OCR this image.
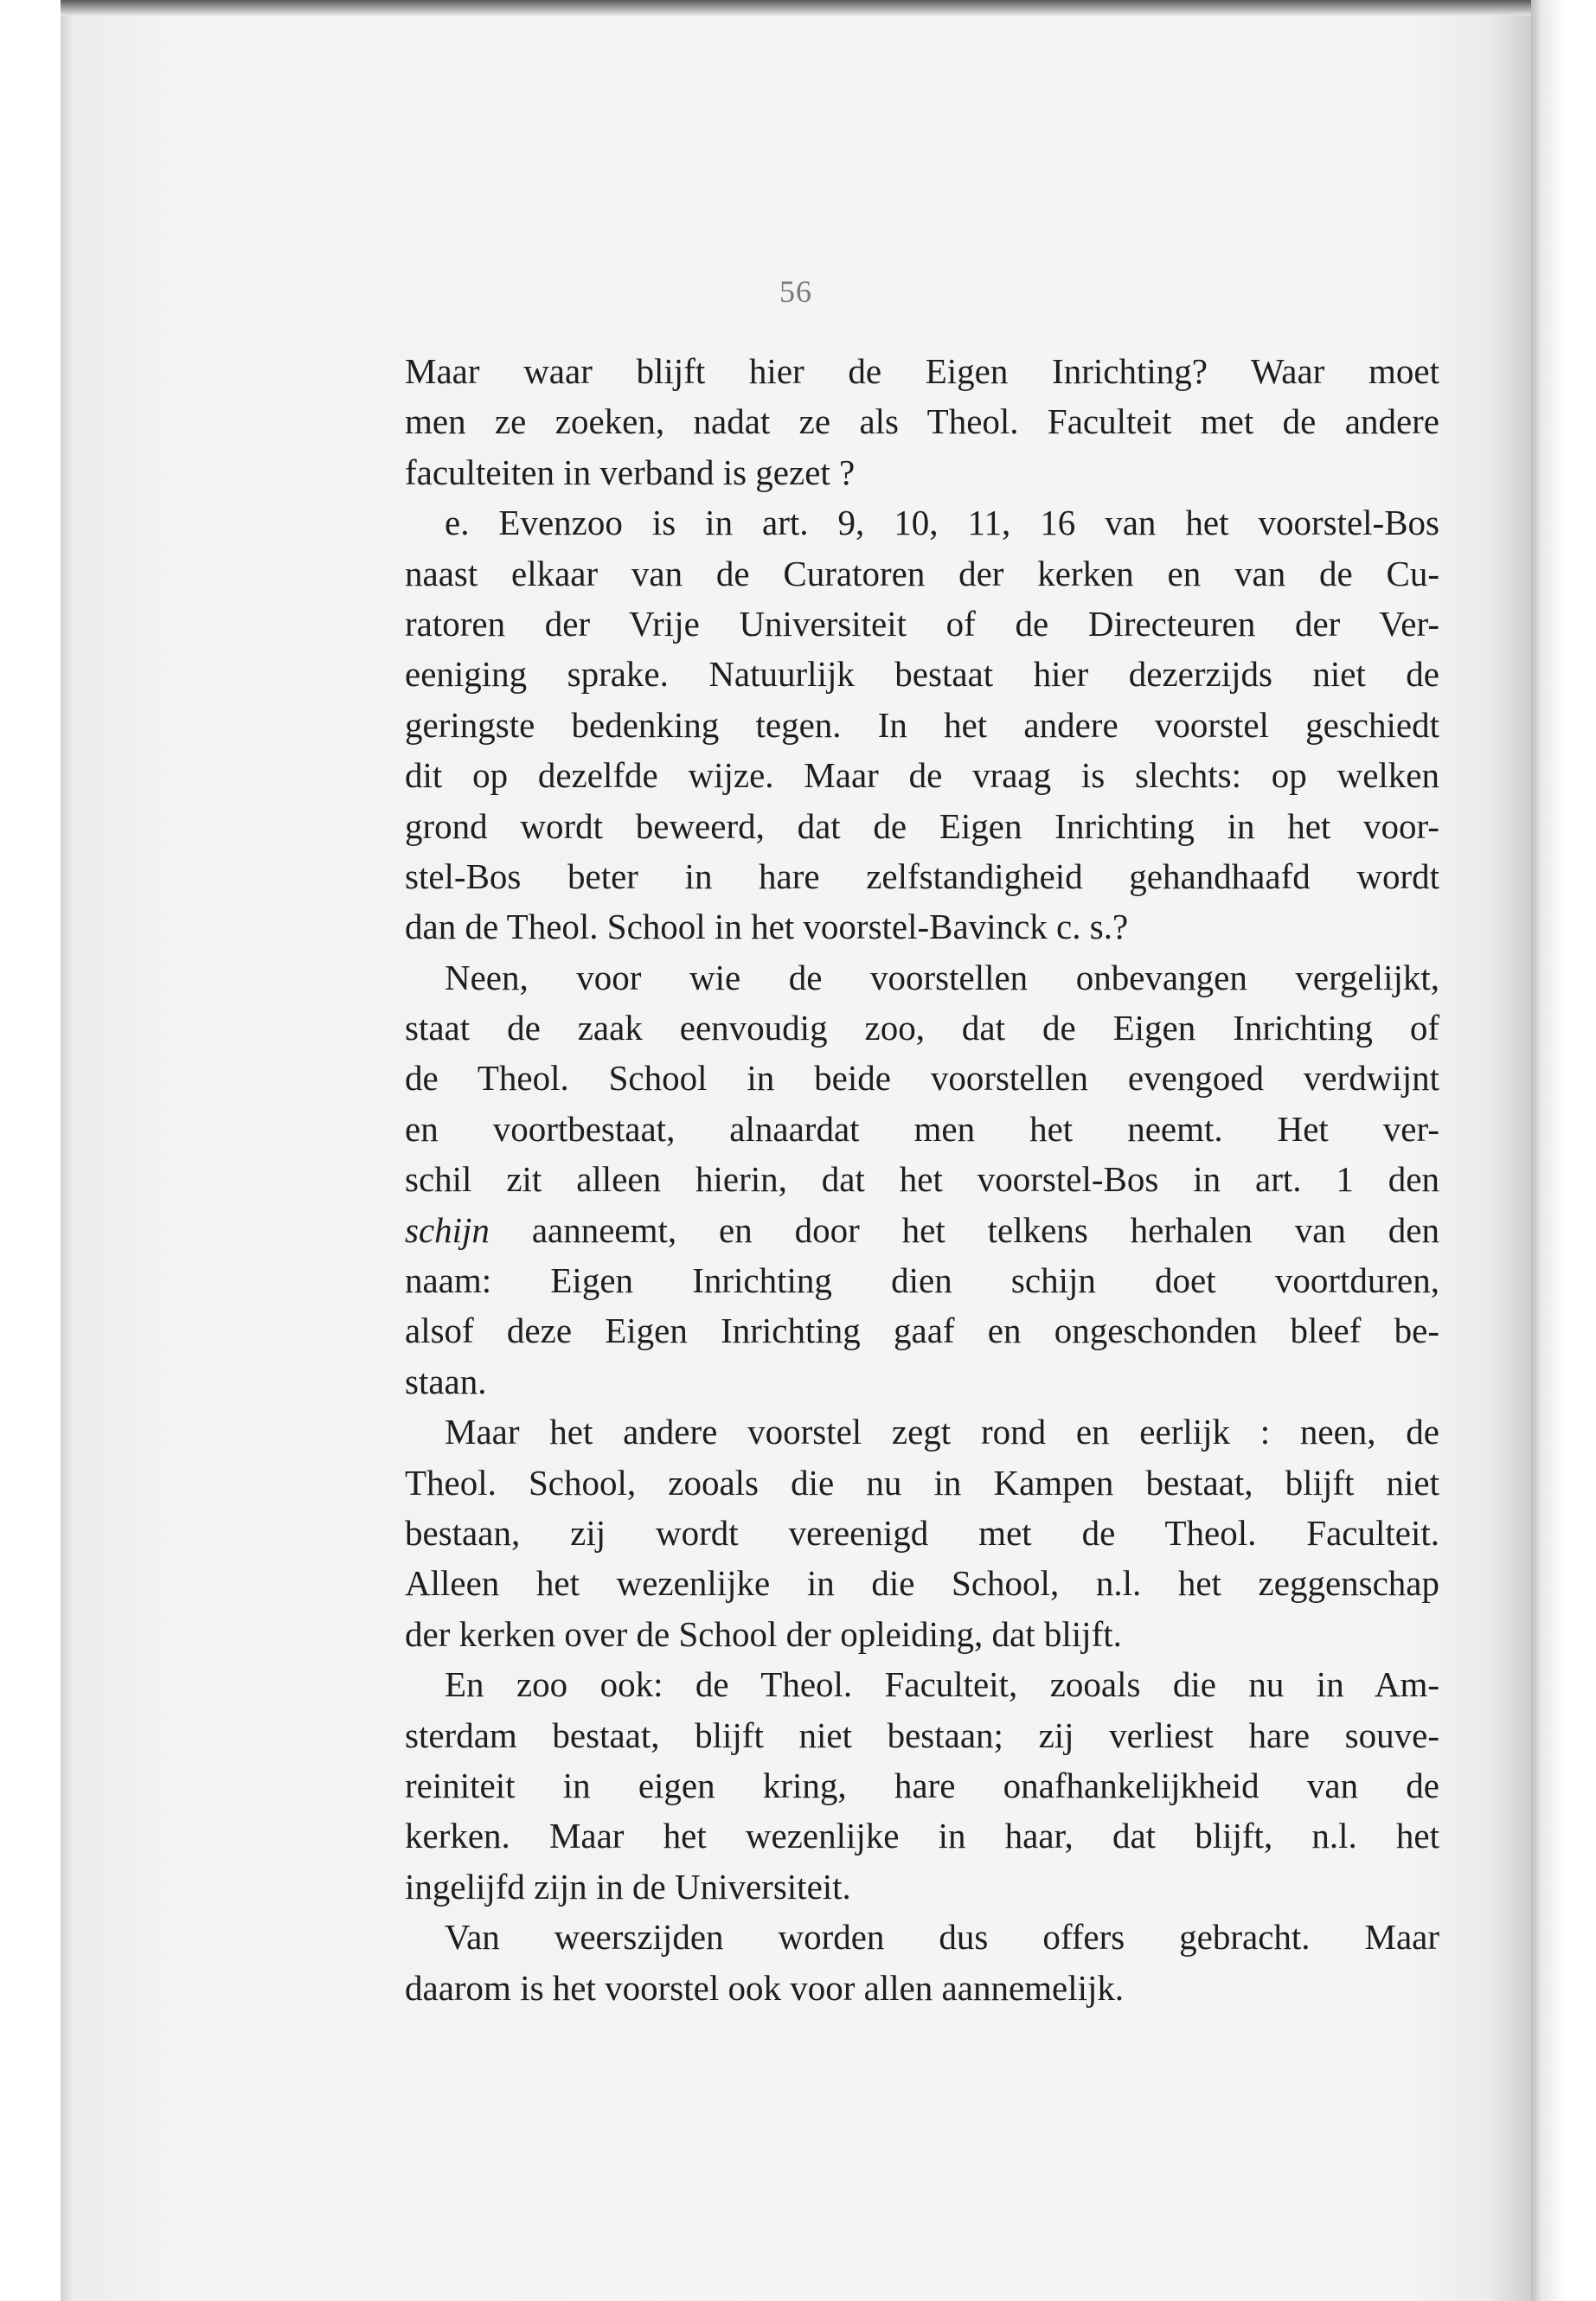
56
Maar waar blijft hier de Eigen Inrichting? Waar moet
men ze zoeken, nadat ze als Theol. Faculteit met de andere
faculteiten in verband is gezet ?
e. Evenzoo is in art. 9, 10, 11, 16 van het voorstel-Bos
naast elkaar van de Curatoren der kerken en van de Cu-
ratoren der Vrije Universiteit of de Directeuren der Ver-
eeniging sprake. Natuurlijk bestaat hier dezerzijds niet de
geringste bedenking tegen. In het andere voorstel geschiedt
dit op dezelfde wijze. Maar de vraag is slechts: op welken
grond wordt beweerd, dat de Eigen Inrichting in het voor-
stel-Bos beter in hare zelfstandigheid gehandhaafd wordt
dan de Theol. School in het voorstel-Bavinck c. s.?
Neen, voor wie de voorstellen onbevangen vergelijkt,
staat de zaak eenvoudig zoo, dat de Eigen Inrichting of
de Theol. School in beide voorstellen evengoed verdwijnt
en voortbestaat, alnaardat men het neemt. Het ver-
schil zit alleen hierin, dat het voorstel-Bos in art. 1 den
schijn aanneemt, en door het telkens herhalen van den
naam: Eigen Inrichting dien schijn doet voortduren,
alsof deze Eigen Inrichting gaaf en ongeschonden bleef be-
staan.
Maar het andere voorstel zegt rond en eerlijk : neen, de
Theol. School, zooals die nu in Kampen bestaat, blijft niet
bestaan, zij wordt vereenigd met de Theol. Faculteit.
Alleen het wezenlijke in die School, n.l. het zeggenschap
der kerken over de School der opleiding, dat blijft.
En zoo ook: de Theol. Faculteit, zooals die nu in Am-
sterdam bestaat, blijft niet bestaan; zij verliest hare souve-
reiniteit in eigen kring, hare onafhankelijkheid van de
kerken. Maar het wezenlijke in haar, dat blijft, n.l. het
ingelijfd zijn in de Universiteit.
Van weerszijden worden dus offers gebracht. Maar
daarom is het voorstel ook voor allen aannemelijk.
